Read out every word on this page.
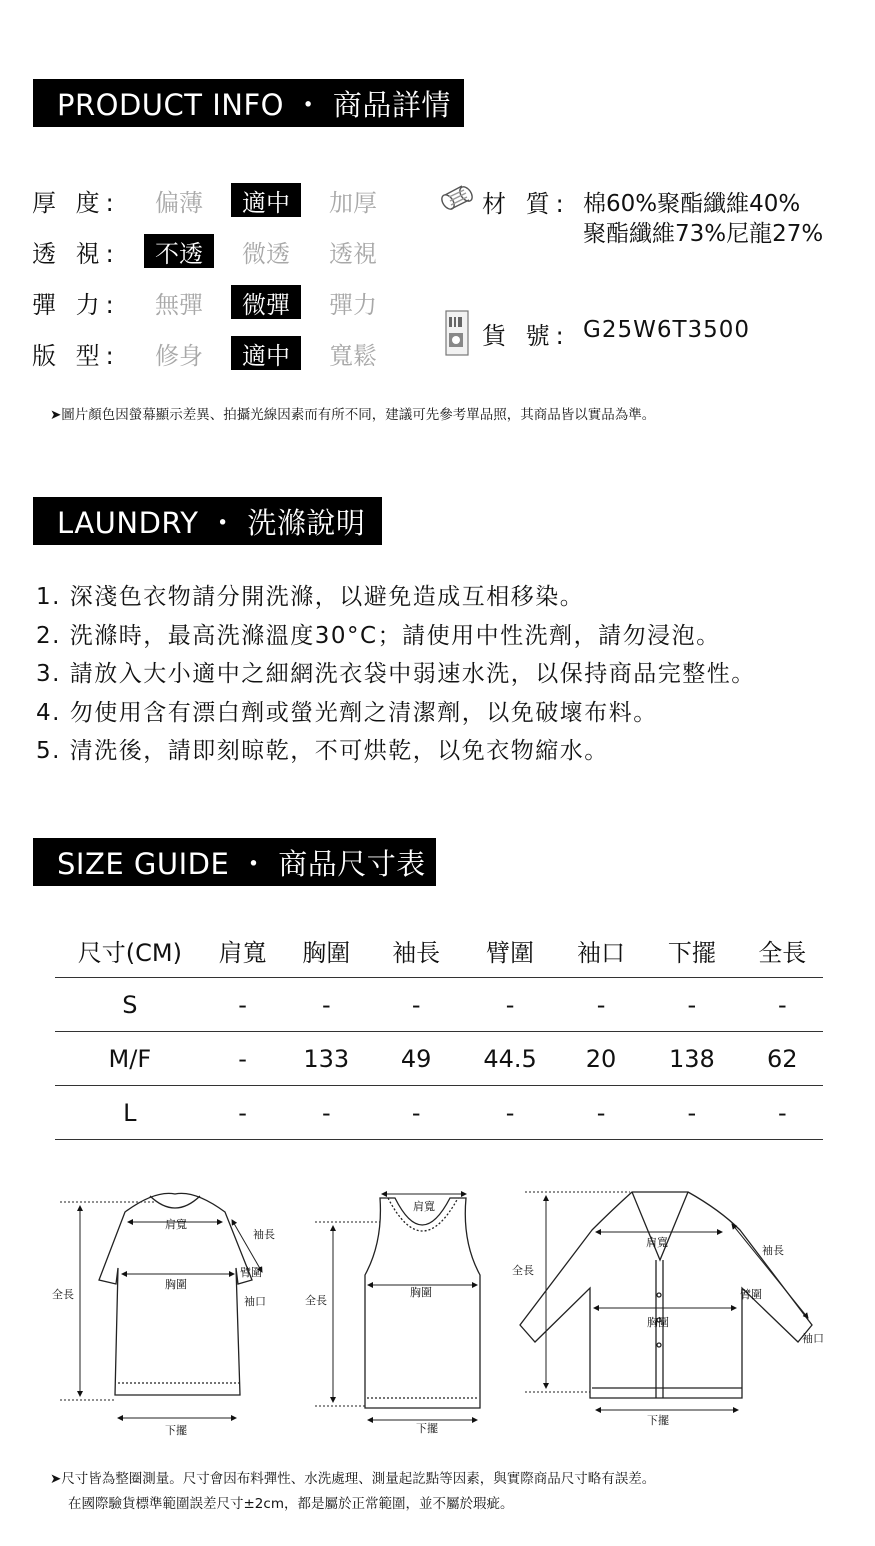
PRODUCT INFO ・ 商品詳情
厚 度:	偏薄	適中	加厚
透 視:	不透	微透	透視
彈 力:	無彈	微彈	彈力
版 型:	修身	適中	寬鬆
材 質: 棉60%聚酯纖維40%
聚酯纖維73%尼龍27%
貨 號: G25W6T3500
➤圖片顏色因螢幕顯示差異、拍攝光線因素而有所不同，建議可先參考單品照，其商品皆以實品為準。
LAUNDRY ・ 洗滌說明
1. 深淺色衣物請分開洗滌，以避免造成互相移染。
2. 洗滌時，最高洗滌溫度30°C；請使用中性洗劑，請勿浸泡。
3. 請放入大小適中之細網洗衣袋中弱速水洗，以保持商品完整性。
4. 勿使用含有漂白劑或螢光劑之清潔劑，以免破壞布料。
5. 清洗後，請即刻晾乾，不可烘乾，以免衣物縮水。
SIZE GUIDE ・ 商品尺寸表
尺寸(CM)	肩寬	胸圍	袖長	臂圍	袖口	下擺	全長
S	-	-	-	-	-	-	-
M/F	-	133	49	44.5	20	138	62
L	-	-	-	-	-	-	-
肩寬
袖長
胸圍
臂圍
袖口
全長
下擺
肩寬
胸圍
全長
下擺
肩寬
袖長
臂圍
胸圍
袖口
全長
下擺
➤尺寸皆為整圈測量。尺寸會因布料彈性、水洗處理、測量起訖點等因素，與實際商品尺寸略有誤差。
在國際驗貨標準範圍誤差尺寸±2cm，都是屬於正常範圍，並不屬於瑕疵。
